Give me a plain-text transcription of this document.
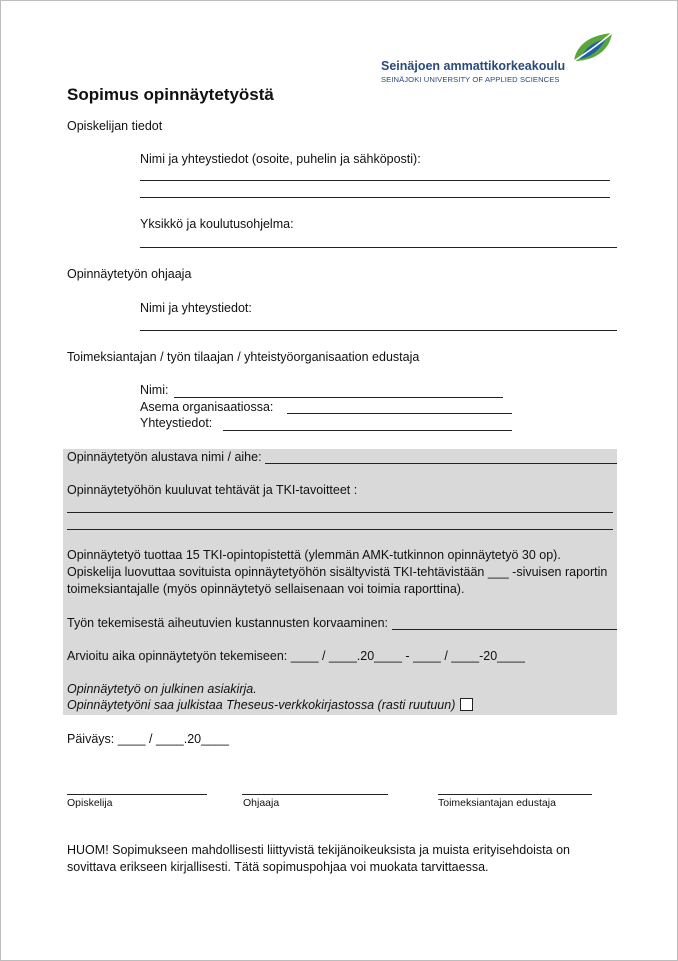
Seinäjoen ammattikorkeakoulu
SEINÄJOKI UNIVERSITY OF APPLIED SCIENCES
Sopimus opinnäytetyöstä
Opiskelijan tiedot
Nimi ja yhteystiedot (osoite, puhelin ja sähköposti):
Yksikkö ja koulutusohjelma:
Opinnäytetyön ohjaaja
Nimi ja yhteystiedot:
Toimeksiantajan / työn tilaajan / yhteistyöorganisaation edustaja
Nimi:
Asema organisaatiossa:
Yhteystiedot:
Opinnäytetyön alustava nimi / aihe:
Opinnäytetyöhön kuuluvat tehtävät ja TKI-tavoitteet :
Opinnäytetyö tuottaa 15 TKI-opintopistettä (ylemmän AMK-tutkinnon opinnäytetyö 30 op).
Opiskelija luovuttaa sovituista opinnäytetyöhön sisältyvistä TKI-tehtävistään ___ -sivuisen raportin
toimeksiantajalle (myös opinnäytetyö sellaisenaan voi toimia raporttina).
Työn tekemisestä aiheutuvien kustannusten korvaaminen:
Arvioitu aika opinnäytetyön tekemiseen: ____ / ____.20____ - ____ / ____-20____
Opinnäytetyö on julkinen asiakirja.
Opinnäytetyöni saa julkistaa Theseus-verkkokirjastossa (rasti ruutuun)
Päiväys: ____ / ____.20____
Opiskelija	Ohjaaja	Toimeksiantajan edustaja
HUOM! Sopimukseen mahdollisesti liittyvistä tekijänoikeuksista ja muista erityisehdoista on
sovittava erikseen kirjallisesti. Tätä sopimuspohjaa voi muokata tarvittaessa.
